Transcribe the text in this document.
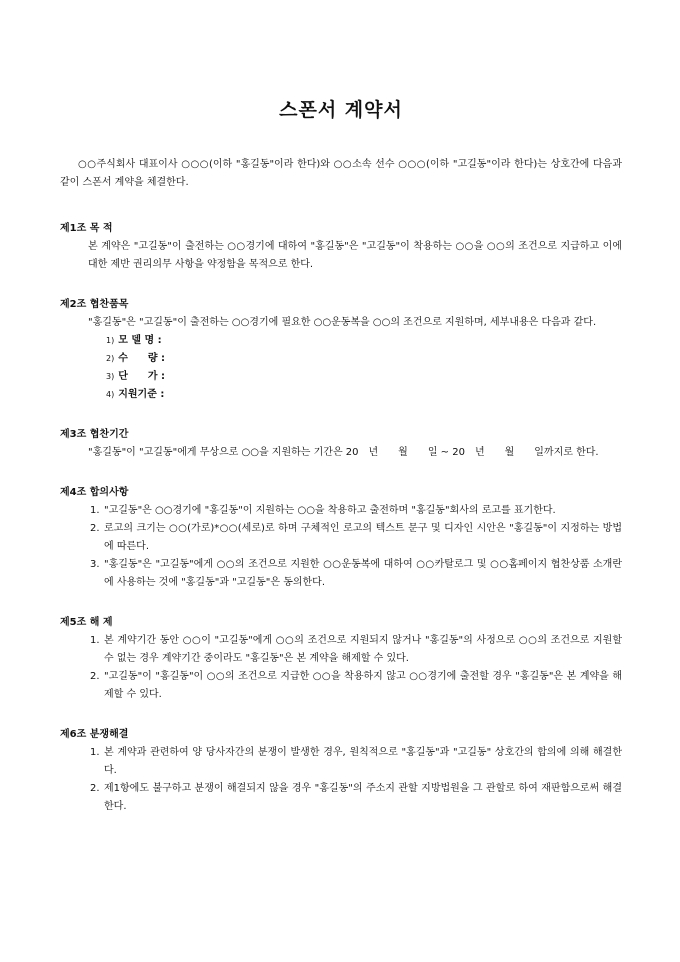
스폰서 계약서

○○주식회사 대표이사 ○○○(이하 "홍길동"이라 한다)와 ○○소속 선수 ○○○(이하 "고길동"이라 한다)는 상호간에 다음과 같이 스폰서 계약을 체결한다.

제1조 목 적

본 계약은 "고길동"이 출전하는 ○○경기에 대하여 "홍길동"은 "고길동"이 착용하는 ○○을 ○○의 조건으로 지급하고 이에 대한 제반 권리의무 사항을 약정함을 목적으로 한다.

제2조 협찬품목

"홍길동"은 "고길동"이 출전하는 ○○경기에 필요한 ○○운동복을 ○○의 조건으로 지원하며, 세부내용은 다음과 같다.

1) 모 델 명 :
2) 수　　량 :
3) 단　　가 :
4) 지원기준 :

제3조 협찬기간

"홍길동"이 "고길동"에게 무상으로 ○○을 지원하는 기간은 20　년　　월　　일 ~ 20　년　　월　　일까지로 한다.

제4조 합의사항

1. "고길동"은 ○○경기에 "홍길동"이 지원하는 ○○을 착용하고 출전하며 "홍길동"회사의 로고를 표기한다.
2. 로고의 크기는 ○○(가로)*○○(세로)로 하며 구체적인 로고의 텍스트 문구 및 디자인 시안은 "홍길동"이 지정하는 방법에 따른다.
3. "홍길동"은 "고길동"에게 ○○의 조건으로 지원한 ○○운동복에 대하여 ○○카탈로그 및 ○○홈페이지 협찬상품 소개란에 사용하는 것에 "홍길동"과 "고길동"은 동의한다.

제5조 해 제

1. 본 계약기간 동안 ○○이 "고길동"에게 ○○의 조건으로 지원되지 않거나 "홍길동"의 사정으로 ○○의 조건으로 지원할 수 없는 경우 계약기간 중이라도 "홍길동"은 본 계약을 해제할 수 있다.
2. "고길동"이 "홍길동"이 ○○의 조건으로 지급한 ○○을 착용하지 않고 ○○경기에 출전할 경우 "홍길동"은 본 계약을 해제할 수 있다.

제6조 분쟁해결

1. 본 계약과 관련하여 양 당사자간의 분쟁이 발생한 경우, 원칙적으로 "홍길동"과 "고길동" 상호간의 합의에 의해 해결한다.
2. 제1항에도 불구하고 분쟁이 해결되지 않을 경우 "홍길동"의 주소지 관할 지방법원을 그 관할로 하여 재판함으로써 해결한다.
